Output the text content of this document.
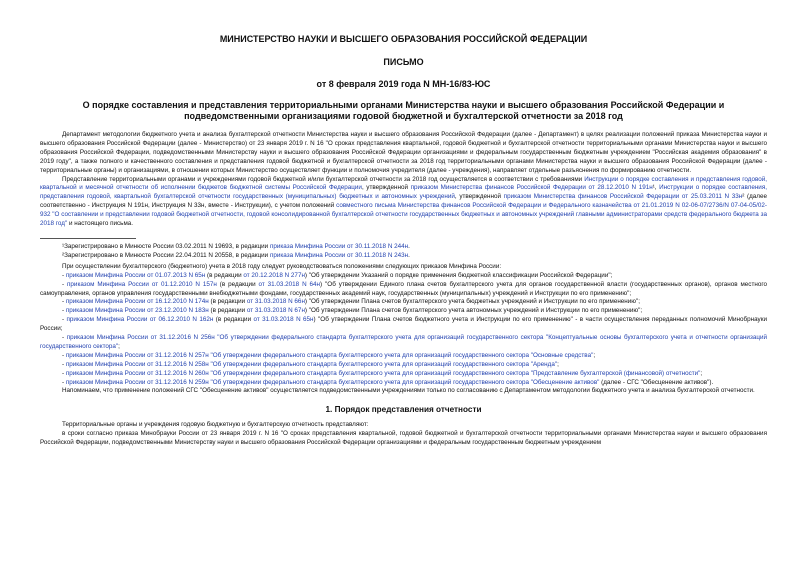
МИНИСТЕРСТВО НАУКИ И ВЫСШЕГО ОБРАЗОВАНИЯ РОССИЙСКОЙ ФЕДЕРАЦИИ
ПИСЬМО
от 8 февраля 2019 года N МН-16/83-ЮС
О порядке составления и представления территориальными органами Министерства науки и высшего образования Российской Федерации и подведомственными организациями годовой бюджетной и бухгалтерской отчетности за 2018 год

Департамент методологии бюджетного учета и анализа бухгалтерской отчетности Министерства науки и высшего образования Российской Федерации (далее - Департамент) в целях реализации положений приказа Министерства науки и высшего образования Российской Федерации (далее - Министерство) от 23 января 2019 г. N 16 "О сроках представления квартальной, годовой бюджетной и бухгалтерской отчетности территориальными органами Министерства науки и высшего образования Российской Федерации, подведомственными Министерству науки и высшего образования Российской Федерации организациями и федеральным государственным бюджетным учреждением "Российская академия образования" в 2019 году", а также полного и качественного составления и представления годовой бюджетной и бухгалтерской отчетности за 2018 год территориальными органами Министерства науки и высшего образования Российской Федерации (далее - территориальные органы) и организациями, в отношении которых Министерство осуществляет функции и полномочия учредителя (далее - учреждения), направляет отдельные разъяснения по формированию отчетности.

Представление территориальными органами и учреждениями годовой бюджетной и/или бухгалтерской отчетности за 2018 год осуществляется в соответствии с требованиями Инструкции о порядке составления и представления годовой, квартальной и месячной отчетности об исполнении бюджетов бюджетной системы Российской Федерации, утвержденной приказом Министерства финансов Российской Федерации от 28.12.2010 N 191н¹, Инструкции о порядке составления, представления годовой, квартальной бухгалтерской отчетности государственных (муниципальных) бюджетных и автономных учреждений, утвержденной приказом Министерства финансов Российской Федерации от 25.03.2011 N 33н² (далее соответственно - Инструкция N 191н, Инструкция N 33н, вместе - Инструкции), с учетом положений совместного письма Министерства финансов Российской Федерации и Федерального казначейства от 21.01.2019 N 02-06-07/2736/N 07-04-05/02-932 "О составлении и представлении годовой бюджетной отчетности, годовой консолидированной бухгалтерской отчетности государственных бюджетных и автономных учреждений главными администраторами средств федерального бюджета за 2018 год" и настоящего письма.

¹Зарегистрировано в Минюсте России 03.02.2011 N 19693, в редакции приказа Минфина России от 30.11.2018 N 244н.

²Зарегистрировано в Минюсте России 22.04.2011 N 20558, в редакции приказа Минфина России от 30.11.2018 N 243н.

При осуществлении бухгалтерского (бюджетного) учета в 2018 году следует руководствоваться положениями следующих приказов Минфина России:

- приказом Минфина России от 01.07.2013 N 65н (в редакции от 20.12.2018 N 277н) "Об утверждении Указаний о порядке применения бюджетной классификации Российской Федерации";

- приказом Минфина России от 01.12.2010 N 157н (в редакции от 31.03.2018 N 64н) "Об утверждении Единого плана счетов бухгалтерского учета для органов государственной власти (государственных органов), органов местного самоуправления, органов управления государственными внебюджетными фондами, государственных академий наук, государственных (муниципальных) учреждений и Инструкции по его применению";

- приказом Минфина России от 16.12.2010 N 174н (в редакции от 31.03.2018 N 66н) "Об утверждении Плана счетов бухгалтерского учета бюджетных учреждений и Инструкции по его применению";

- приказом Минфина России от 23.12.2010 N 183н (в редакции от 31.03.2018 N 67н) "Об утверждении Плана счетов бухгалтерского учета автономных учреждений и Инструкции по его применению";

- приказом Минфина России от 06.12.2010 N 162н (в редакции от 31.03.2018 N 65н) "Об утверждении Плана счетов бюджетного учета и Инструкции по его применению" - в части осуществления переданных полномочий Минобрнауки России;

- приказом Минфина России от 31.12.2016 N 256н "Об утверждении федерального стандарта бухгалтерского учета для организаций государственного сектора "Концептуальные основы бухгалтерского учета и отчетности организаций государственного сектора";

- приказом Минфина России от 31.12.2016 N 257н "Об утверждении федерального стандарта бухгалтерского учета для организаций государственного сектора "Основные средства";

- приказом Минфина России от 31.12.2016 N 258н "Об утверждении федерального стандарта бухгалтерского учета для организаций государственного сектора "Аренда";

- приказом Минфина России от 31.12.2016 N 260н "Об утверждении федерального стандарта бухгалтерского учета для организаций государственного сектора "Представление бухгалтерской (финансовой) отчетности";

- приказом Минфина России от 31.12.2016 N 259н "Об утверждении федерального стандарта бухгалтерского учета для организаций государственного сектора "Обесценение активов" (далее - СГС "Обесценение активов").

Напоминаем, что применение положений СГС "Обесценение активов" осуществляется подведомственными учреждениями только по согласованию с Департаментом методологии бюджетного учета и анализа бухгалтерской отчетности.

1. Порядок представления отчетности

Территориальные органы и учреждения годовую бюджетную и бухгалтерскую отчетность представляют:

в сроки согласно приказа Минобрауки России от 23 января 2019 г. N 16 "О сроках представления квартальной, годовой бюджетной и бухгалтерской отчетности территориальными органами Министерства науки и высшего образования Российской Федерации, подведомственными Министерству науки и высшего образования Российской Федерации организациями и федеральным государственным бюджетным учреждением
